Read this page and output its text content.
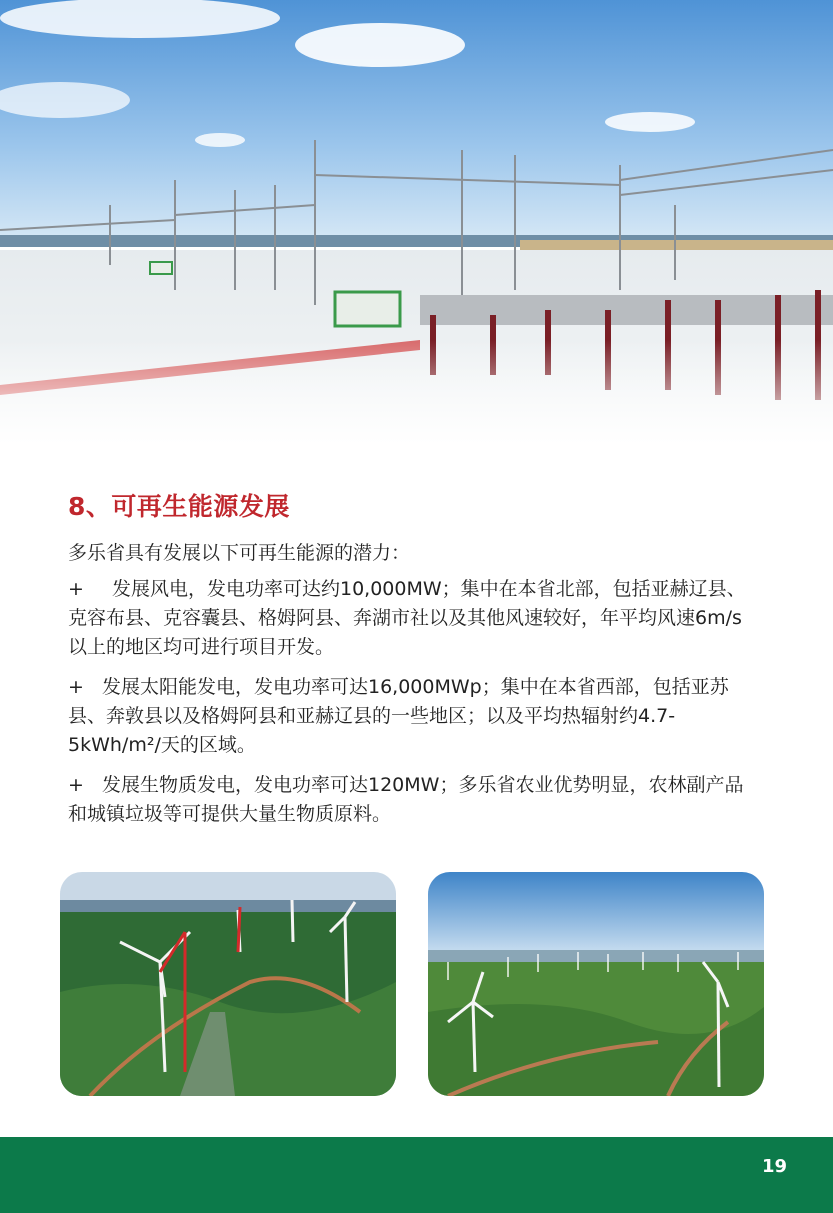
8、可再生能源发展

多乐省具有发展以下可再生能源的潜力：

+ 发展风电，发电功率可达约10,000MW；集中在本省北部，包括亚赫辽县、克容布县、克容囊县、格姆阿县、奔湖市社以及其他风速较好，年平均风速6m/s以上的地区均可进行项目开发。
+ 发展太阳能发电，发电功率可达16,000MWp；集中在本省西部，包括亚苏县、奔敦县以及格姆阿县和亚赫辽县的一些地区；以及平均热辐射约4.7-5kWh/m²/天的区域。
+ 发展生物质发电，发电功率可达120MW；多乐省农业优势明显，农林副产品和城镇垃圾等可提供大量生物质原料。
19
